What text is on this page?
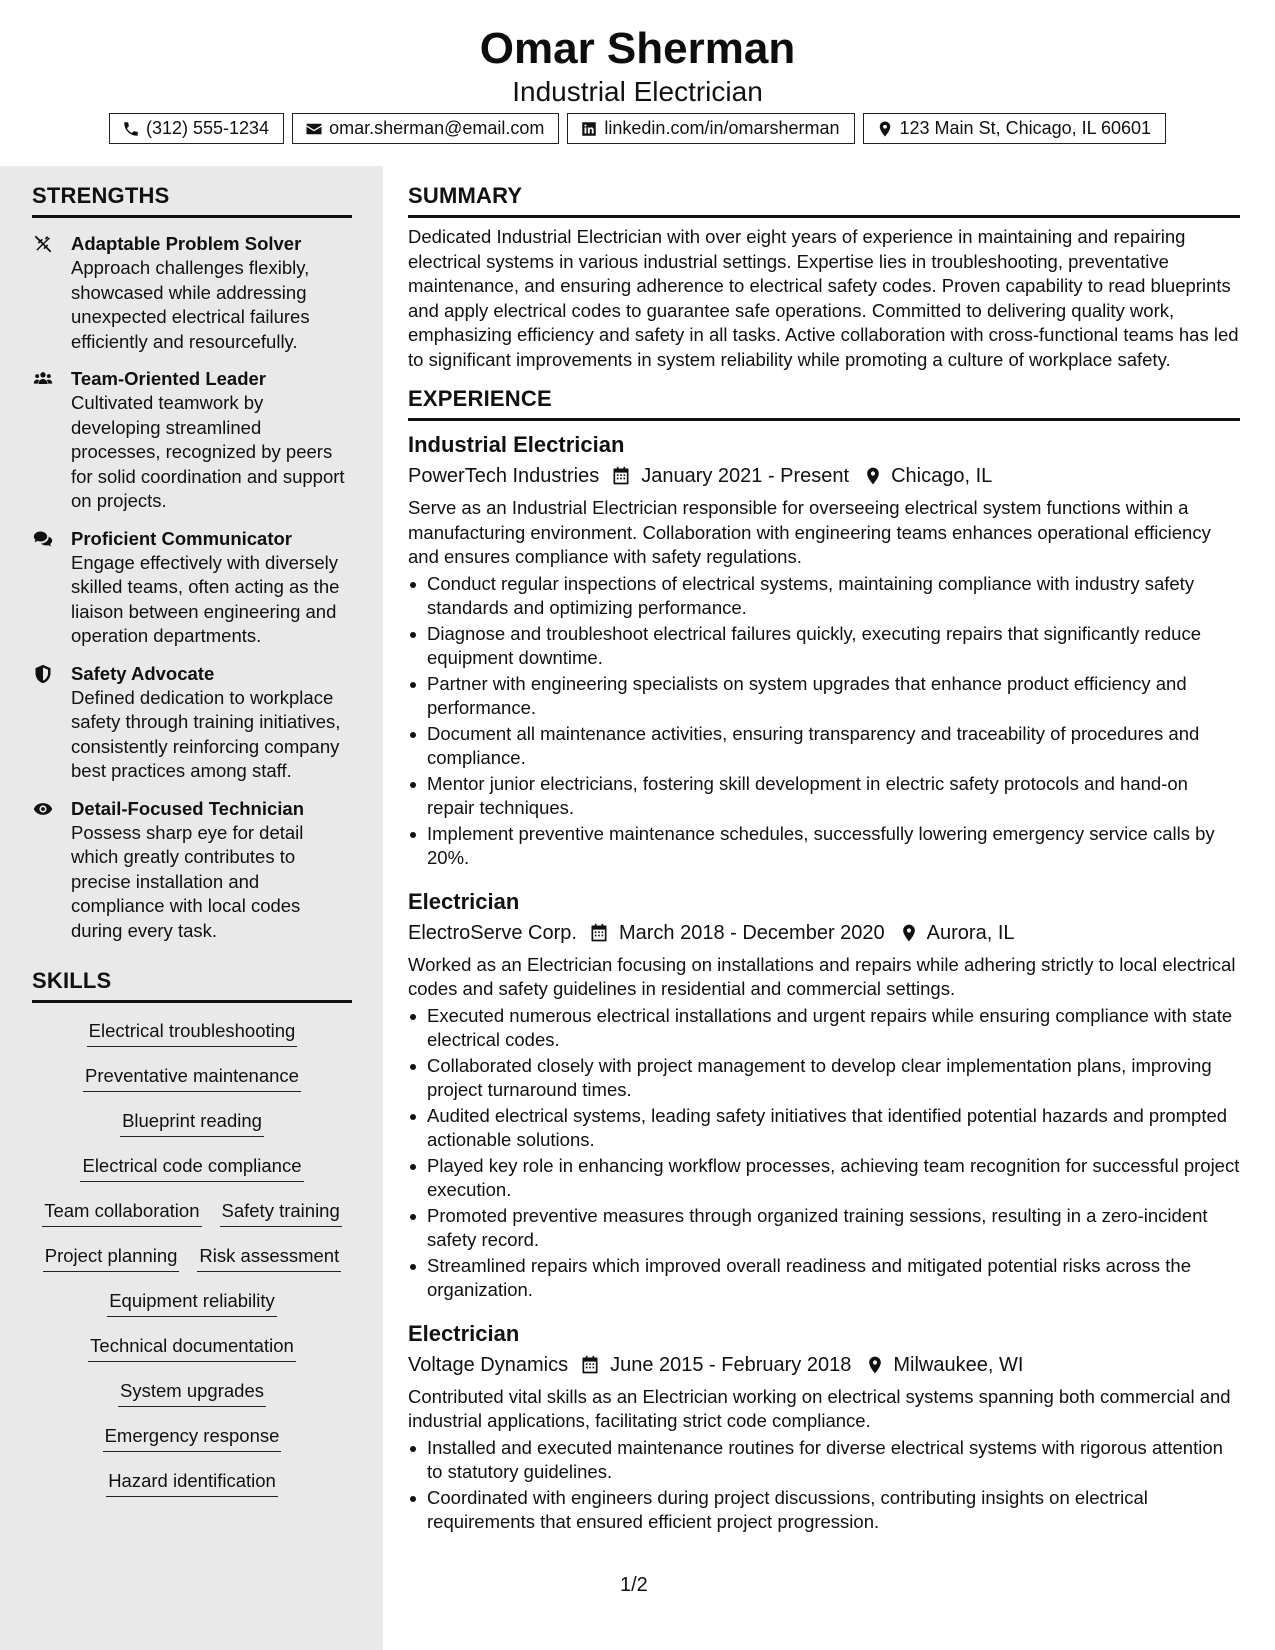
Omar Sherman
Industrial Electrician
(312) 555-1234	omar.sherman@email.com	linkedin.com/in/omarsherman	123 Main St, Chicago, IL 60601
STRENGTHS
Adaptable Problem Solver
Approach challenges flexibly, showcased while addressing unexpected electrical failures efficiently and resourcefully.
Team-Oriented Leader
Cultivated teamwork by developing streamlined processes, recognized by peers for solid coordination and support on projects.
Proficient Communicator
Engage effectively with diversely skilled teams, often acting as the liaison between engineering and operation departments.
Safety Advocate
Defined dedication to workplace safety through training initiatives, consistently reinforcing company best practices among staff.
Detail-Focused Technician
Possess sharp eye for detail which greatly contributes to precise installation and compliance with local codes during every task.
SKILLS
Electrical troubleshooting
Preventative maintenance
Blueprint reading
Electrical code compliance
Team collaboration Safety training
Project planning Risk assessment
Equipment reliability
Technical documentation
System upgrades
Emergency response
Hazard identification
SUMMARY

Dedicated Industrial Electrician with over eight years of experience in maintaining and repairing electrical systems in various industrial settings. Expertise lies in troubleshooting, preventative maintenance, and ensuring adherence to electrical safety codes. Proven capability to read blueprints and apply electrical codes to guarantee safe operations. Committed to delivering quality work, emphasizing efficiency and safety in all tasks. Active collaboration with cross-functional teams has led to significant improvements in system reliability while promoting a culture of workplace safety.

EXPERIENCE
Industrial Electrician
PowerTech Industries January 2021 - Present Chicago, IL

Serve as an Industrial Electrician responsible for overseeing electrical system functions within a manufacturing environment. Collaboration with engineering teams enhances operational efficiency and ensures compliance with safety regulations.

Conduct regular inspections of electrical systems, maintaining compliance with industry safety standards and optimizing performance.
Diagnose and troubleshoot electrical failures quickly, executing repairs that significantly reduce equipment downtime.
Partner with engineering specialists on system upgrades that enhance product efficiency and performance.
Document all maintenance activities, ensuring transparency and traceability of procedures and compliance.
Mentor junior electricians, fostering skill development in electric safety protocols and hand-on repair techniques.
Implement preventive maintenance schedules, successfully lowering emergency service calls by 20%.
Electrician
ElectroServe Corp. March 2018 - December 2020 Aurora, IL

Worked as an Electrician focusing on installations and repairs while adhering strictly to local electrical codes and safety guidelines in residential and commercial settings.

Executed numerous electrical installations and urgent repairs while ensuring compliance with state electrical codes.
Collaborated closely with project management to develop clear implementation plans, improving project turnaround times.
Audited electrical systems, leading safety initiatives that identified potential hazards and prompted actionable solutions.
Played key role in enhancing workflow processes, achieving team recognition for successful project execution.
Promoted preventive measures through organized training sessions, resulting in a zero-incident safety record.
Streamlined repairs which improved overall readiness and mitigated potential risks across the organization.
Electrician
Voltage Dynamics June 2015 - February 2018 Milwaukee, WI

Contributed vital skills as an Electrician working on electrical systems spanning both commercial and industrial applications, facilitating strict code compliance.

Installed and executed maintenance routines for diverse electrical systems with rigorous attention to statutory guidelines.
Coordinated with engineers during project discussions, contributing insights on electrical requirements that ensured efficient project progression.
1/2
